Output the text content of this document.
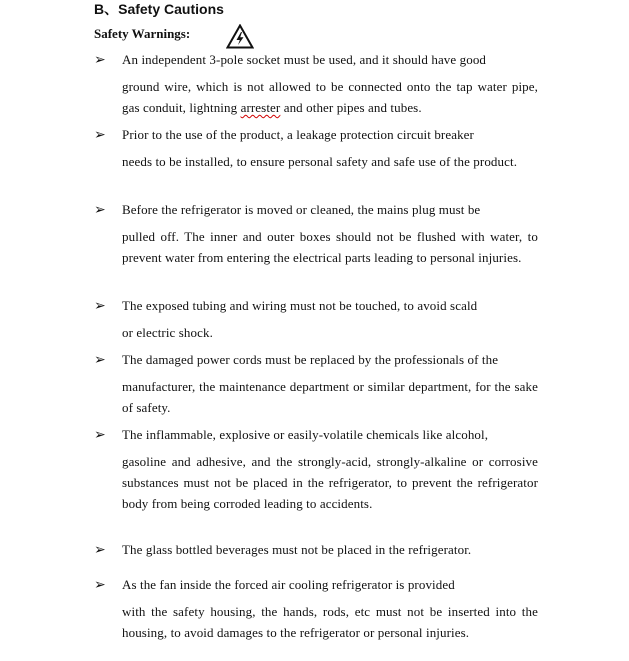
B、Safety Cautions
Safety Warnings:
➢ An independent 3-pole socket must be used, and it should have good
ground wire, which is not allowed to be connected onto the tap water pipe, gas conduit, lightning arrester and other pipes and tubes.
➢ Prior to the use of the product, a leakage protection circuit breaker
needs to be installed, to ensure personal safety and safe use of the product.
➢ Before the refrigerator is moved or cleaned, the mains plug must be
pulled off. The inner and outer boxes should not be flushed with water, to prevent water from entering the electrical parts leading to personal injuries.
➢ The exposed tubing and wiring must not be touched, to avoid scald
or electric shock.
➢ The damaged power cords must be replaced by the professionals of the
manufacturer, the maintenance department or similar department, for the sake of safety.
➢ The inflammable, explosive or easily-volatile chemicals like alcohol,
gasoline and adhesive, and the strongly-acid, strongly-alkaline or corrosive substances must not be placed in the refrigerator, to prevent the refrigerator body from being corroded leading to accidents.
➢ The glass bottled beverages must not be placed in the refrigerator.
➢ As the fan inside the forced air cooling refrigerator is provided
with the safety housing, the hands, rods, etc must not be inserted into the housing, to avoid damages to the refrigerator or personal injuries.
